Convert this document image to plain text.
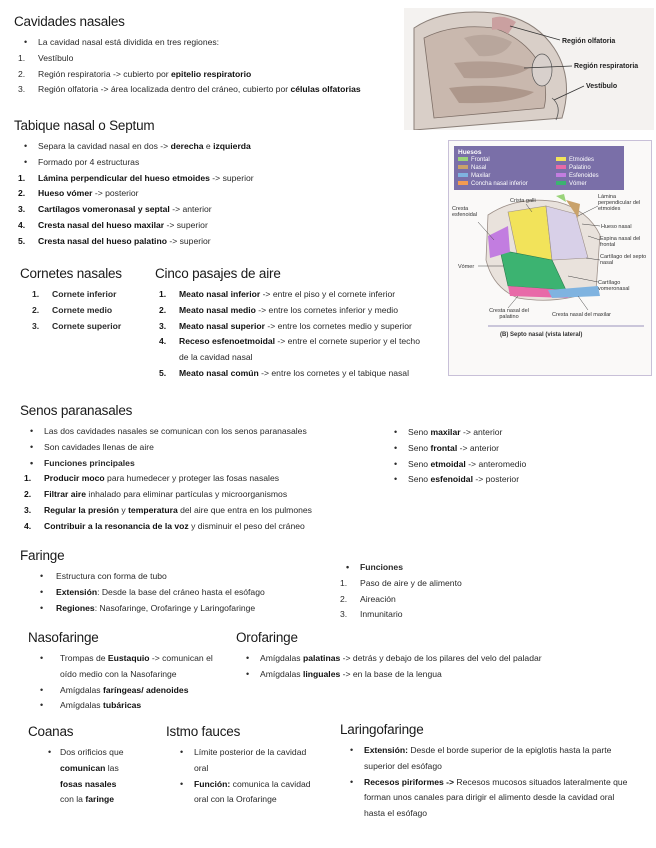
Cavidades nasales
•	La cavidad nasal está dividida en tres regiones:
1.	Vestíbulo
2.	Región respiratoria -> cubierto por epitelio respiratorio
3.	Región olfatoria -> área localizada dentro del cráneo, cubierto por células olfatorias
Región olfatoria
Región respiratoria
Vestíbulo
Tabique nasal o Septum
•	Separa la cavidad nasal en dos -> derecha e izquierda
•	Formado por 4 estructuras
1.	Lámina perpendicular del hueso etmoides -> superior
2.	Hueso vómer -> posterior
3.	Cartílagos vomeronasal y septal -> anterior
4.	Cresta nasal del hueso maxilar -> superior
5.	Cresta nasal del hueso palatino -> superior
Huesos
Frontal	Etmoides
Nasal	Palatino
Maxilar	Esfenoides
Concha nasal inferior	Vómer
Crista galli
Lámina perpendicular del etmoides
Hueso nasal
Espina nasal del frontal
Cresta esfenoidal
Cartílago del septo nasal
Vómer
Cartílago vomeronasal
Cresta nasal del palatino	Cresta nasal del maxilar
(B) Septo nasal (vista lateral)
Cornetes nasales
1.	Cornete inferior
2.	Cornete medio
3.	Cornete superior
Cinco pasajes de aire
1.	Meato nasal inferior -> entre el piso y el cornete inferior
2.	Meato nasal medio -> entre los cornetes inferior y medio
3.	Meato nasal superior -> entre los cornetes medio y superior
4.	Receso esfenoetmoidal -> entre el cornete superior y el techo de la cavidad nasal
5.	Meato nasal común -> entre los cornetes y el tabique nasal
Senos paranasales
•	Las dos cavidades nasales se comunican con los senos paranasales
•	Son cavidades llenas de aire
•	Funciones principales
1.	Producir moco para humedecer y proteger las fosas nasales
2.	Filtrar aire inhalado para eliminar partículas y microorganismos
3.	Regular la presión y temperatura del aire que entra en los pulmones
4.	Contribuir a la resonancia de la voz y disminuir el peso del cráneo
•	Seno maxilar -> anterior
•	Seno frontal -> anterior
•	Seno etmoidal -> anteromedio
•	Seno esfenoidal -> posterior
Faringe
•	Estructura con forma de tubo
•	Extensión: Desde la base del cráneo hasta el esófago
•	Regiones: Nasofaringe, Orofaringe y Laringofaringe
•	Funciones
1.	Paso de aire y de alimento
2.	Aireación
3.	Inmunitario
Nasofaringe
•	Trompas de Eustaquio -> comunican el oído medio con la Nasofaringe
•	Amígdalas faríngeas/ adenoides
•	Amígdalas tubáricas
Orofaringe
•	Amígdalas palatinas -> detrás y debajo de los pilares del velo del paladar
•	Amígdalas linguales -> en la base de la lengua
Coanas
•	Dos orificios que comunican las fosas nasales con la faringe
Istmo fauces
•	Límite posterior de la cavidad oral
•	Función: comunica la cavidad oral con la Orofaringe
Laringofaringe
•	Extensión: Desde el borde superior de la epiglotis hasta la parte superior del esófago
•	Recesos piriformes -> Recesos mucosos situados lateralmente que forman unos canales para dirigir el alimento desde la cavidad oral hasta el esófago
